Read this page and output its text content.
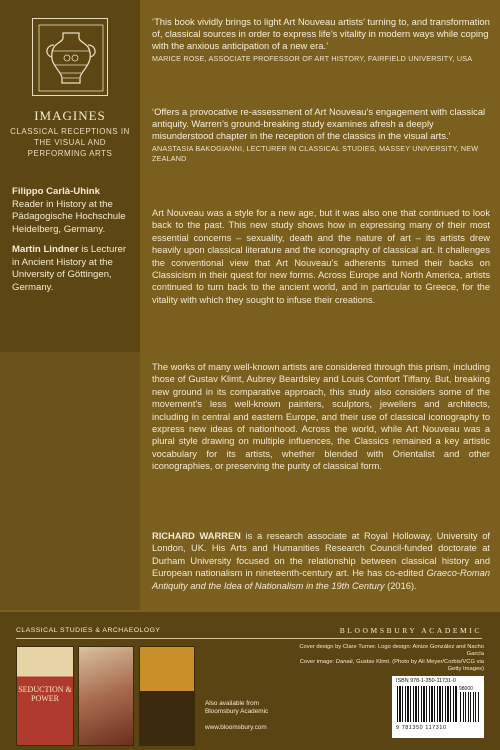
IMAGINES
CLASSICAL RECEPTIONS IN THE VISUAL AND PERFORMING ARTS
Filippo Carlà-Uhink Reader in History at the Pädagogische Hochschule Heidelberg, Germany.
Martin Lindner is Lecturer in Ancient History at the University of Göttingen, Germany.
‘This book vividly brings to light Art Nouveau artists’ turning to, and transformation of, classical sources in order to express life’s vitality in modern ways while coping with the anxious anticipation of a new era.’
MARICE ROSE, ASSOCIATE PROFESSOR OF ART HISTORY, FAIRFIELD UNIVERSITY, USA
‘Offers a provocative re-assessment of Art Nouveau’s engagement with classical antiquity. Warren’s ground-breaking study examines afresh a deeply misunderstood chapter in the reception of the classics in the visual arts.’
ANASTASIA BAKOGIANNI, LECTURER IN CLASSICAL STUDIES, MASSEY UNIVERSITY, NEW ZEALAND
Art Nouveau was a style for a new age, but it was also one that continued to look back to the past. This new study shows how in expressing many of their most essential concerns – sexuality, death and the nature of art – its artists drew heavily upon classical literature and the iconography of classical art. It challenges the conventional view that Art Nouveau’s adherents turned their backs on Classicism in their quest for new forms. Across Europe and North America, artists continued to turn back to the ancient world, and in particular to Greece, for the vitality with which they sought to infuse their creations.
The works of many well-known artists are considered through this prism, including those of Gustav Klimt, Aubrey Beardsley and Louis Comfort Tiffany. But, breaking new ground in its comparative approach, this study also considers some of the movement’s less well-known painters, sculptors, jewellers and architects, including in central and eastern Europe, and their use of classical iconography to express new ideas of nationhood. Across the world, while Art Nouveau was a plural style drawing on multiple influences, the Classics remained a key artistic vocabulary for its artists, whether blended with Orientalist and other iconographies, or preserving the purity of classical form.
RICHARD WARREN is a research associate at Royal Holloway, University of London, UK. His Arts and Humanities Research Council-funded doctorate at Durham University focused on the relationship between classical history and European nationalism in nineteenth-century art. He has co-edited Graeco-Roman Antiquity and the Idea of Nationalism in the 19th Century (2016).
CLASSICAL STUDIES & ARCHAEOLOGY	BLOOMSBURY ACADEMIC
SEDUCTION & POWER
Also available from Bloomsbury Academic
www.bloomsbury.com
Cover design by Clare Turner. Logo design: Ainize González and Nacho García
Cover image: Danaë, Gustav Klimt. (Photo by Ali Meyer/Corbis/VCG via Getty Images)
ISBN 978-1-350-11731-0
98000
9 781350 117310
